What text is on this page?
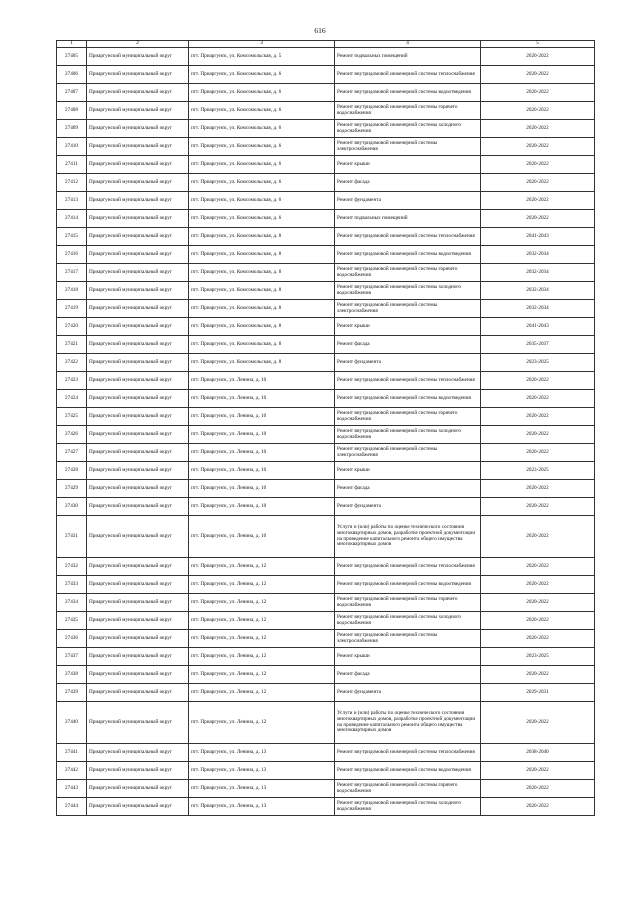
616
1	2	3	4	5
27405	Приаргунский муниципальный округ	пгт. Приаргунск, ул. Комсомольская, д. 5	Ремонт подвальных помещений	2020-2022
27406	Приаргунский муниципальный округ	пгт. Приаргунск, ул. Комсомольская, д. 6	Ремонт внутридомовой инженерной системы теплоснабжения	2020-2022
27407	Приаргунский муниципальный округ	пгт. Приаргунск, ул. Комсомольская, д. 6	Ремонт внутридомовой инженерной системы водоотведения	2020-2022
27408	Приаргунский муниципальный округ	пгт. Приаргунск, ул. Комсомольская, д. 6	Ремонт внутридомовой инженерной системы горячего водоснабжения	2020-2022
27409	Приаргунский муниципальный округ	пгт. Приаргунск, ул. Комсомольская, д. 6	Ремонт внутридомовой инженерной системы холодного водоснабжения	2020-2022
27410	Приаргунский муниципальный округ	пгт. Приаргунск, ул. Комсомольская, д. 6	Ремонт внутридомовой инженерной системы электроснабжения	2020-2022
27411	Приаргунский муниципальный округ	пгт. Приаргунск, ул. Комсомольская, д. 6	Ремонт крыши	2020-2022
27412	Приаргунский муниципальный округ	пгт. Приаргунск, ул. Комсомольская, д. 6	Ремонт фасада	2020-2022
27413	Приаргунский муниципальный округ	пгт. Приаргунск, ул. Комсомольская, д. 6	Ремонт фундамента	2020-2022
27414	Приаргунский муниципальный округ	пгт. Приаргунск, ул. Комсомольская, д. 6	Ремонт подвальных помещений	2020-2022
27415	Приаргунский муниципальный округ	пгт. Приаргунск, ул. Комсомольская, д. 8	Ремонт внутридомовой инженерной системы теплоснабжения	2041-2043
27416	Приаргунский муниципальный округ	пгт. Приаргунск, ул. Комсомольская, д. 8	Ремонт внутридомовой инженерной системы водоотведения	2032-2034
27417	Приаргунский муниципальный округ	пгт. Приаргунск, ул. Комсомольская, д. 8	Ремонт внутридомовой инженерной системы горячего водоснабжения	2032-2034
27418	Приаргунский муниципальный округ	пгт. Приаргунск, ул. Комсомольская, д. 8	Ремонт внутридомовой инженерной системы холодного водоснабжения	2032-2034
27419	Приаргунский муниципальный округ	пгт. Приаргунск, ул. Комсомольская, д. 8	Ремонт внутридомовой инженерной системы электроснабжения	2032-2034
27420	Приаргунский муниципальный округ	пгт. Приаргунск, ул. Комсомольская, д. 8	Ремонт крыши	2041-2043
27421	Приаргунский муниципальный округ	пгт. Приаргунск, ул. Комсомольская, д. 8	Ремонт фасада	2035-2037
27422	Приаргунский муниципальный округ	пгт. Приаргунск, ул. Комсомольская, д. 8	Ремонт фундамента	2023-2025
27423	Приаргунский муниципальный округ	пгт. Приаргунск, ул. Ленина, д. 10	Ремонт внутридомовой инженерной системы теплоснабжения	2020-2022
27424	Приаргунский муниципальный округ	пгт. Приаргунск, ул. Ленина, д. 10	Ремонт внутридомовой инженерной системы водоотведения	2020-2022
27425	Приаргунский муниципальный округ	пгт. Приаргунск, ул. Ленина, д. 10	Ремонт внутридомовой инженерной системы горячего водоснабжения	2020-2022
27426	Приаргунский муниципальный округ	пгт. Приаргунск, ул. Ленина, д. 10	Ремонт внутридомовой инженерной системы холодного водоснабжения	2020-2022
27427	Приаргунский муниципальный округ	пгт. Приаргунск, ул. Ленина, д. 10	Ремонт внутридомовой инженерной системы электроснабжения	2020-2022
27428	Приаргунский муниципальный округ	пгт. Приаргунск, ул. Ленина, д. 10	Ремонт крыши	2023-2025
27429	Приаргунский муниципальный округ	пгт. Приаргунск, ул. Ленина, д. 10	Ремонт фасада	2020-2022
27430	Приаргунский муниципальный округ	пгт. Приаргунск, ул. Ленина, д. 10	Ремонт фундамента	2020-2022
27431	Приаргунский муниципальный округ	пгт. Приаргунск, ул. Ленина, д. 10	Услуги и (или) работы по оценке технического состояния многоквартирных домов, разработке проектной документации на проведение капитального ремонта общего имущества многоквартирных домов	2020-2022
27432	Приаргунский муниципальный округ	пгт. Приаргунск, ул. Ленина, д. 12	Ремонт внутридомовой инженерной системы теплоснабжения	2020-2022
27433	Приаргунский муниципальный округ	пгт. Приаргунск, ул. Ленина, д. 12	Ремонт внутридомовой инженерной системы водоотведения	2020-2022
27434	Приаргунский муниципальный округ	пгт. Приаргунск, ул. Ленина, д. 12	Ремонт внутридомовой инженерной системы горячего водоснабжения	2020-2022
27435	Приаргунский муниципальный округ	пгт. Приаргунск, ул. Ленина, д. 12	Ремонт внутридомовой инженерной системы холодного водоснабжения	2020-2022
27436	Приаргунский муниципальный округ	пгт. Приаргунск, ул. Ленина, д. 12	Ремонт внутридомовой инженерной системы электроснабжения	2020-2022
27437	Приаргунский муниципальный округ	пгт. Приаргунск, ул. Ленина, д. 12	Ремонт крыши	2023-2025
27438	Приаргунский муниципальный округ	пгт. Приаргунск, ул. Ленина, д. 12	Ремонт фасада	2020-2022
27439	Приаргунский муниципальный округ	пгт. Приаргунск, ул. Ленина, д. 12	Ремонт фундамента	2029-2031
27440	Приаргунский муниципальный округ	пгт. Приаргунск, ул. Ленина, д. 12	Услуги и (или) работы по оценке технического состояния многоквартирных домов, разработке проектной документации на проведение капитального ремонта общего имущества многоквартирных домов	2020-2022
27441	Приаргунский муниципальный округ	пгт. Приаргунск, ул. Ленина, д. 13	Ремонт внутридомовой инженерной системы теплоснабжения	2038-2040
27442	Приаргунский муниципальный округ	пгт. Приаргунск, ул. Ленина, д. 13	Ремонт внутридомовой инженерной системы водоотведения	2020-2022
27443	Приаргунский муниципальный округ	пгт. Приаргунск, ул. Ленина, д. 13	Ремонт внутридомовой инженерной системы горячего водоснабжения	2020-2022
27444	Приаргунский муниципальный округ	пгт. Приаргунск, ул. Ленина, д. 13	Ремонт внутридомовой инженерной системы холодного водоснабжения	2020-2022
